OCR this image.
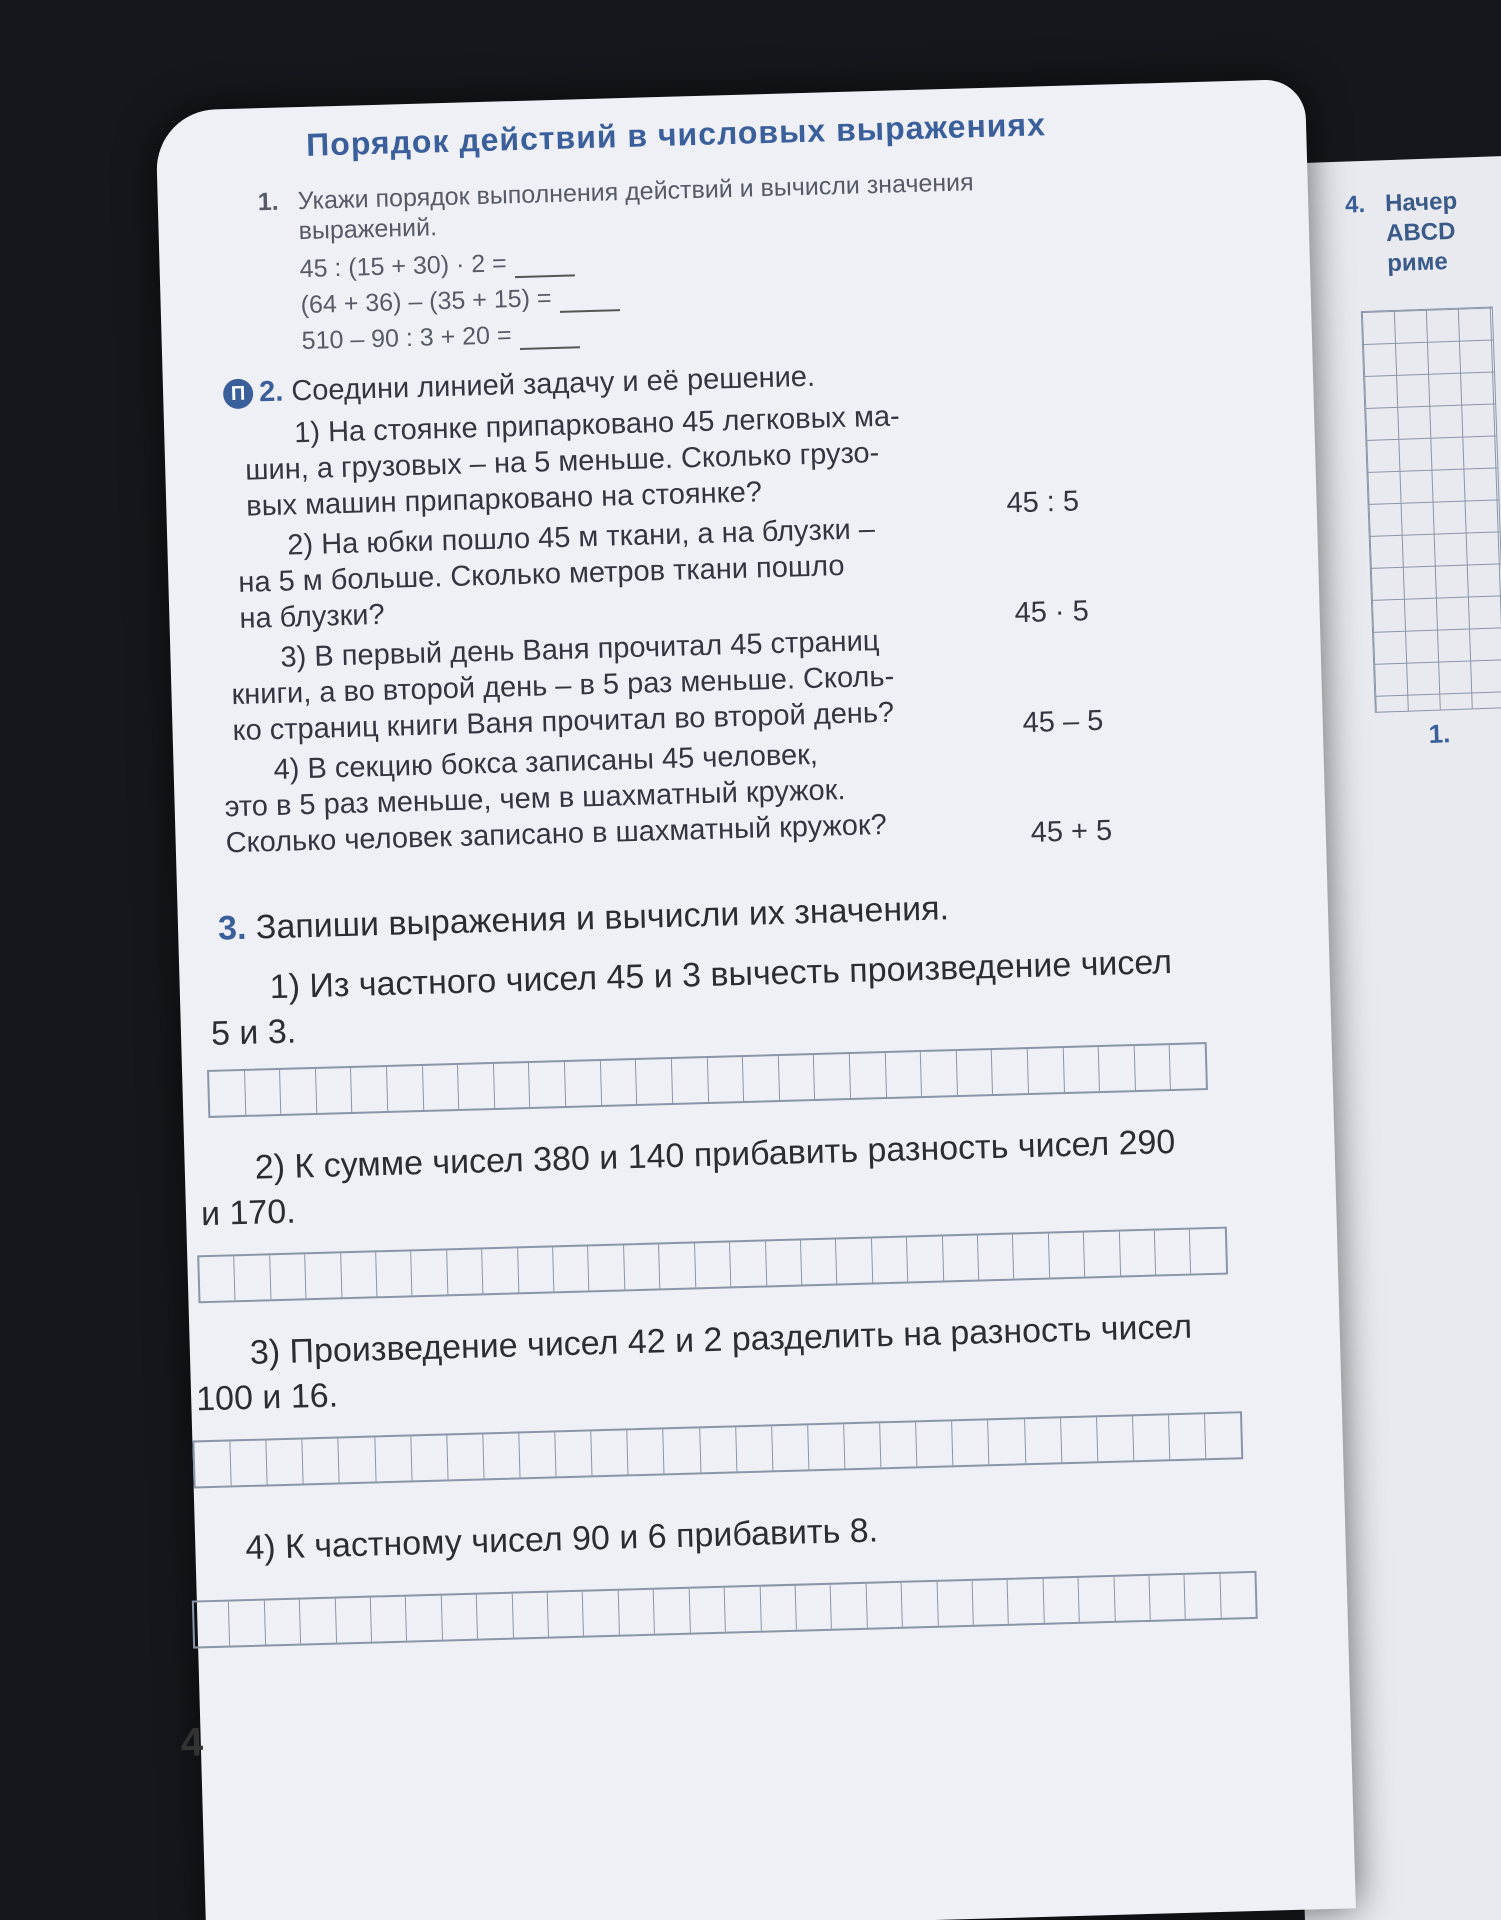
4. Начер
ABCD
риме
1.
Порядок действий в числовых выражениях
1. Укажи порядок выполнения действий и вычисли значения
выражений.
45 : (15 + 30) · 2 =
(64 + 36) – (35 + 15) =
510 – 90 : 3 + 20 =
П 2. Соедини линией задачу и её решение.
1) На стоянке припарковано 45 легковых ма-
шин, а грузовых – на 5 меньше. Сколько грузо-
вых машин припарковано на стоянке?
2) На юбки пошло 45 м ткани, а на блузки –
на 5 м больше. Сколько метров ткани пошло
на блузки?
3) В первый день Ваня прочитал 45 страниц
книги, а во второй день – в 5 раз меньше. Сколь-
ко страниц книги Ваня прочитал во второй день?
4) В секцию бокса записаны 45 человек,
это в 5 раз меньше, чем в шахматный кружок.
Сколько человек записано в шахматный кружок?
45 : 5
45 · 5
45 – 5
45 + 5
3. Запиши выражения и вычисли их значения.
1) Из частного чисел 45 и 3 вычесть произведение чисел
5 и 3.
2) К сумме чисел 380 и 140 прибавить разность чисел 290
и 170.
3) Произведение чисел 42 и 2 разделить на разность чисел
100 и 16.
4) К частному чисел 90 и 6 прибавить 8.
4
